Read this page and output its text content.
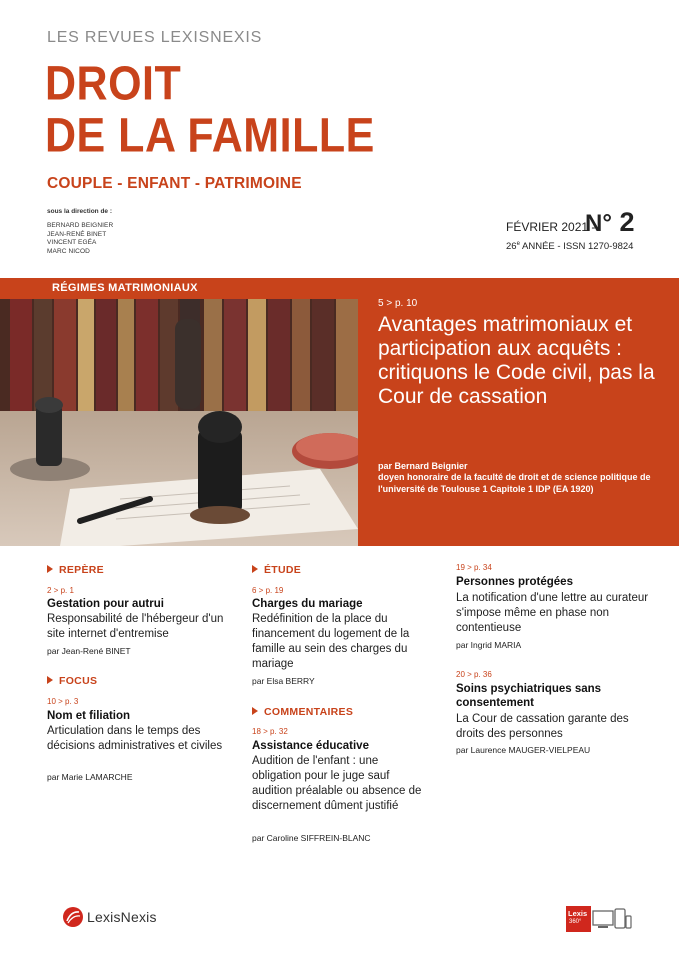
LES REVUES LEXISNEXIS
DROIT
DE LA FAMILLE
COUPLE - ENFANT - PATRIMOINE
sous la direction de :
BERNARD BEIGNIER
JEAN-RENÉ BINET
VINCENT EGÉA
MARC NICOD
FÉVRIER 2021 -
N° 2
26e ANNÉE - ISSN 1270-9824
RÉGIMES MATRIMONIAUX
5 > p. 10
Avantages matrimoniaux et participation aux acquêts : critiquons le Code civil, pas la Cour de cassation
par Bernard Beignier
doyen honoraire de la faculté de droit et de science politique de l'université de Toulouse 1 Capitole 1 IDP (EA 1920)
REPÈRE
2 > p. 1
Gestation pour autrui
Responsabilité de l'hébergeur d'un site internet d'entremise
par Jean-René BINET
FOCUS
10 > p. 3
Nom et filiation
Articulation dans le temps des décisions administratives et civiles
par Marie LAMARCHE
ÉTUDE
6 > p. 19
Charges du mariage
Redéfinition de la place du financement du logement de la famille au sein des charges du mariage
par Elsa BERRY
COMMENTAIRES
18 > p. 32
Assistance éducative
Audition de l'enfant : une obligation pour le juge sauf audition préalable ou absence de discernement dûment justifié
par Caroline SIFFREIN-BLANC
19 > p. 34
Personnes protégées
La notification d'une lettre au curateur s'impose même en phase non contentieuse
par Ingrid MARIA
20 > p. 36
Soins psychiatriques sans consentement
La Cour de cassation garante des droits des personnes
par Laurence MAUGER-VIELPEAU
LexisNexis	Lexis
360°
